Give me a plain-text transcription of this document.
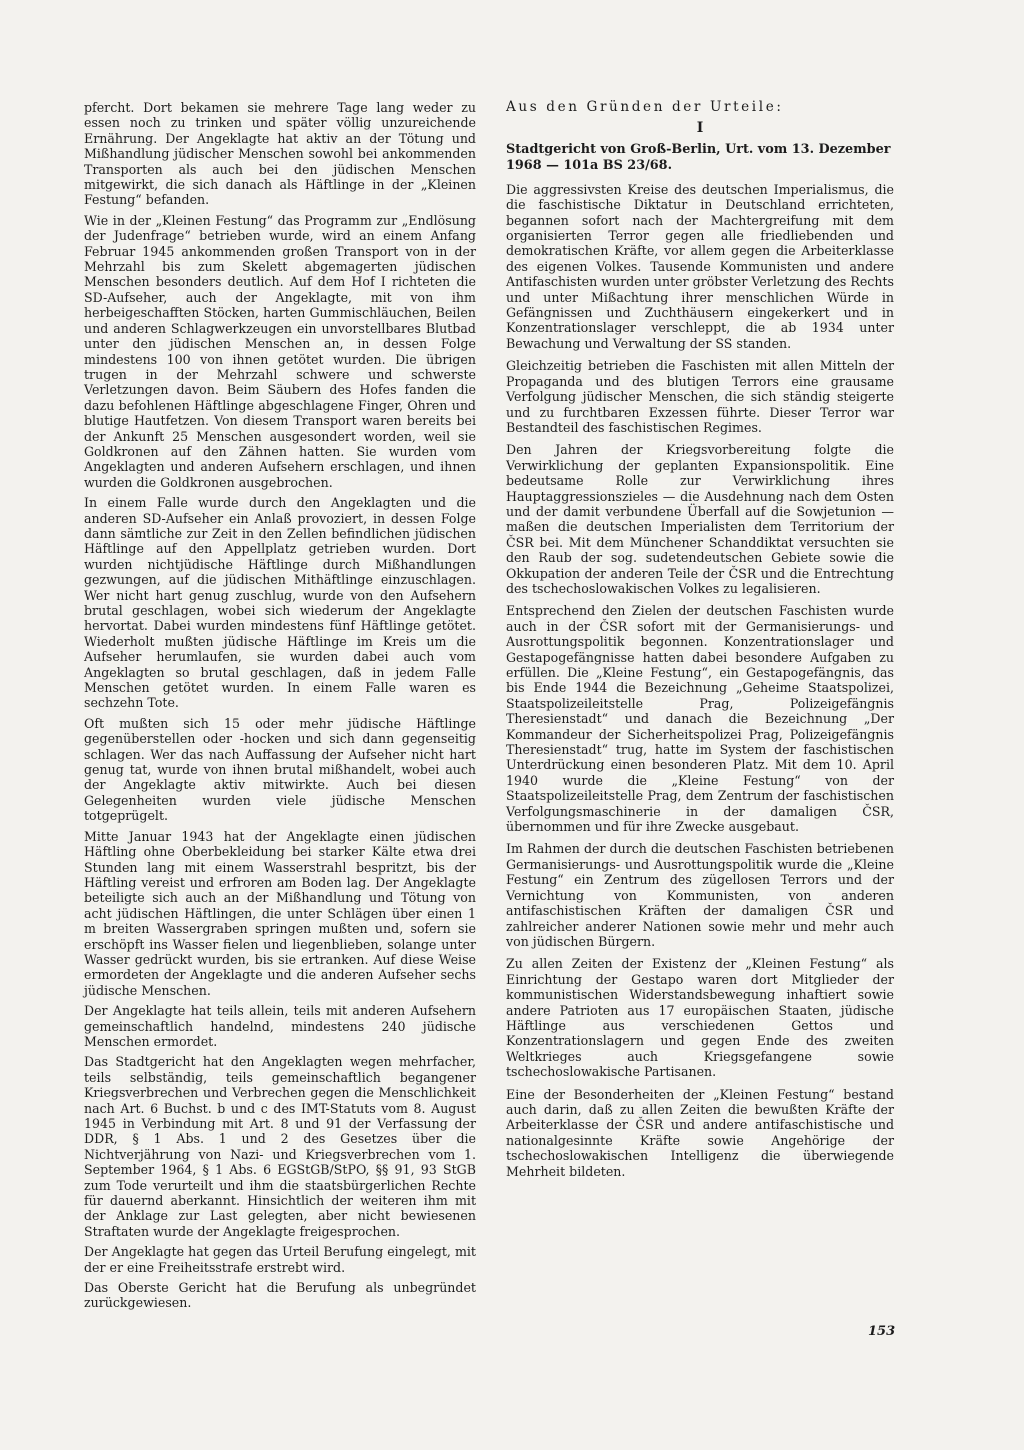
pfercht. Dort bekamen sie mehrere Tage lang weder zu essen noch zu trinken und später völlig unzureichende Ernährung. Der Angeklagte hat aktiv an der Tötung und Mißhandlung jüdischer Menschen sowohl bei ankommenden Transporten als auch bei den jüdischen Menschen mitgewirkt, die sich danach als Häftlinge in der „Kleinen Festung“ befanden.

Wie in der „Kleinen Festung“ das Programm zur „Endlösung der Judenfrage“ betrieben wurde, wird an einem Anfang Februar 1945 ankommenden großen Transport von in der Mehrzahl bis zum Skelett abgemagerten jüdischen Menschen besonders deutlich. Auf dem Hof I richteten die SD-Aufseher, auch der Angeklagte, mit von ihm herbeigeschafften Stöcken, harten Gummischläuchen, Beilen und anderen Schlagwerkzeugen ein unvorstellbares Blutbad unter den jüdischen Menschen an, in dessen Folge mindestens 100 von ihnen getötet wurden. Die übrigen trugen in der Mehrzahl schwere und schwerste Verletzungen davon. Beim Säubern des Hofes fanden die dazu befohlenen Häftlinge abgeschlagene Finger, Ohren und blutige Hautfetzen. Von diesem Transport waren bereits bei der Ankunft 25 Menschen ausgesondert worden, weil sie Goldkronen auf den Zähnen hatten. Sie wurden vom Angeklagten und anderen Aufsehern erschlagen, und ihnen wurden die Goldkronen ausgebrochen.

In einem Falle wurde durch den Angeklagten und die anderen SD-Aufseher ein Anlaß provoziert, in dessen Folge dann sämtliche zur Zeit in den Zellen befindlichen jüdischen Häftlinge auf den Appellplatz getrieben wurden. Dort wurden nichtjüdische Häftlinge durch Mißhandlungen gezwungen, auf die jüdischen Mithäftlinge einzuschlagen. Wer nicht hart genug zuschlug, wurde von den Aufsehern brutal geschlagen, wobei sich wiederum der Angeklagte hervortat. Dabei wurden mindestens fünf Häftlinge getötet. Wiederholt mußten jüdische Häftlinge im Kreis um die Aufseher herumlaufen, sie wurden dabei auch vom Angeklagten so brutal geschlagen, daß in jedem Falle Menschen getötet wurden. In einem Falle waren es sechzehn Tote.

Oft mußten sich 15 oder mehr jüdische Häftlinge gegenüberstellen oder -hocken und sich dann gegenseitig schlagen. Wer das nach Auffassung der Aufseher nicht hart genug tat, wurde von ihnen brutal mißhandelt, wobei auch der Angeklagte aktiv mitwirkte. Auch bei diesen Gelegenheiten wurden viele jüdische Menschen totgeprügelt.

Mitte Januar 1943 hat der Angeklagte einen jüdischen Häftling ohne Oberbekleidung bei starker Kälte etwa drei Stunden lang mit einem Wasserstrahl bespritzt, bis der Häftling vereist und erfroren am Boden lag. Der Angeklagte beteiligte sich auch an der Mißhandlung und Tötung von acht jüdischen Häftlingen, die unter Schlägen über einen 1 m breiten Wassergraben springen mußten und, sofern sie erschöpft ins Wasser fielen und liegenblieben, solange unter Wasser gedrückt wurden, bis sie ertranken. Auf diese Weise ermordeten der Angeklagte und die anderen Aufseher sechs jüdische Menschen.

Der Angeklagte hat teils allein, teils mit anderen Aufsehern gemeinschaftlich handelnd, mindestens 240 jüdische Menschen ermordet.

Das Stadtgericht hat den Angeklagten wegen mehrfacher, teils selbständig, teils gemeinschaftlich begangener Kriegsverbrechen und Verbrechen gegen die Menschlichkeit nach Art. 6 Buchst. b und c des IMT-Statuts vom 8. August 1945 in Verbindung mit Art. 8 und 91 der Verfassung der DDR, § 1 Abs. 1 und 2 des Gesetzes über die Nichtverjährung von Nazi- und Kriegsverbrechen vom 1. September 1964, § 1 Abs. 6 EGStGB/StPO, §§ 91, 93 StGB zum Tode verurteilt und ihm die staatsbürgerlichen Rechte für dauernd aberkannt. Hinsichtlich der weiteren ihm mit der Anklage zur Last gelegten, aber nicht bewiesenen Straftaten wurde der Angeklagte freigesprochen.

Der Angeklagte hat gegen das Urteil Berufung eingelegt, mit der er eine Freiheitsstrafe erstrebt wird.

Das Oberste Gericht hat die Berufung als unbegründet zurückgewiesen.

Aus den Gründen der Urteile:
I
Stadtgericht von Groß-Berlin, Urt. vom 13. Dezember 1968 — 101a BS 23/68.

Die aggressivsten Kreise des deutschen Imperialismus, die die faschistische Diktatur in Deutschland errichteten, begannen sofort nach der Machtergreifung mit dem organisierten Terror gegen alle friedliebenden und demokratischen Kräfte, vor allem gegen die Arbeiterklasse des eigenen Volkes. Tausende Kommunisten und andere Antifaschisten wurden unter gröbster Verletzung des Rechts und unter Mißachtung ihrer menschlichen Würde in Gefängnissen und Zuchthäusern eingekerkert und in Konzentrationslager verschleppt, die ab 1934 unter Bewachung und Verwaltung der SS standen.

Gleichzeitig betrieben die Faschisten mit allen Mitteln der Propaganda und des blutigen Terrors eine grausame Verfolgung jüdischer Menschen, die sich ständig steigerte und zu furchtbaren Exzessen führte. Dieser Terror war Bestandteil des faschistischen Regimes.

Den Jahren der Kriegsvorbereitung folgte die Verwirklichung der geplanten Expansionspolitik. Eine bedeutsame Rolle zur Verwirklichung ihres Hauptaggressionszieles — die Ausdehnung nach dem Osten und der damit verbundene Überfall auf die Sowjetunion — maßen die deutschen Imperialisten dem Territorium der ČSR bei. Mit dem Münchener Schanddiktat versuchten sie den Raub der sog. sudetendeutschen Gebiete sowie die Okkupation der anderen Teile der ČSR und die Entrechtung des tschechoslowakischen Volkes zu legalisieren.

Entsprechend den Zielen der deutschen Faschisten wurde auch in der ČSR sofort mit der Germanisierungs- und Ausrottungspolitik begonnen. Konzentrationslager und Gestapogefängnisse hatten dabei besondere Aufgaben zu erfüllen. Die „Kleine Festung“, ein Gestapogefängnis, das bis Ende 1944 die Bezeichnung „Geheime Staatspolizei, Staatspolizeileitstelle Prag, Polizeigefängnis Theresienstadt“ und danach die Bezeichnung „Der Kommandeur der Sicherheitspolizei Prag, Polizeigefängnis Theresienstadt“ trug, hatte im System der faschistischen Unterdrückung einen besonderen Platz. Mit dem 10. April 1940 wurde die „Kleine Festung“ von der Staatspolizeileitstelle Prag, dem Zentrum der faschistischen Verfolgungsmaschinerie in der damaligen ČSR, übernommen und für ihre Zwecke ausgebaut.

Im Rahmen der durch die deutschen Faschisten betriebenen Germanisierungs- und Ausrottungspolitik wurde die „Kleine Festung“ ein Zentrum des zügellosen Terrors und der Vernichtung von Kommunisten, von anderen antifaschistischen Kräften der damaligen ČSR und zahlreicher anderer Nationen sowie mehr und mehr auch von jüdischen Bürgern.

Zu allen Zeiten der Existenz der „Kleinen Festung“ als Einrichtung der Gestapo waren dort Mitglieder der kommunistischen Widerstandsbewegung inhaftiert sowie andere Patrioten aus 17 europäischen Staaten, jüdische Häftlinge aus verschiedenen Gettos und Konzentrationslagern und gegen Ende des zweiten Weltkrieges auch Kriegsgefangene sowie tschechoslowakische Partisanen.

Eine der Besonderheiten der „Kleinen Festung“ bestand auch darin, daß zu allen Zeiten die bewußten Kräfte der Arbeiterklasse der ČSR und andere antifaschistische und nationalgesinnte Kräfte sowie Angehörige der tschechoslowakischen Intelligenz die überwiegende Mehrheit bildeten.

153
